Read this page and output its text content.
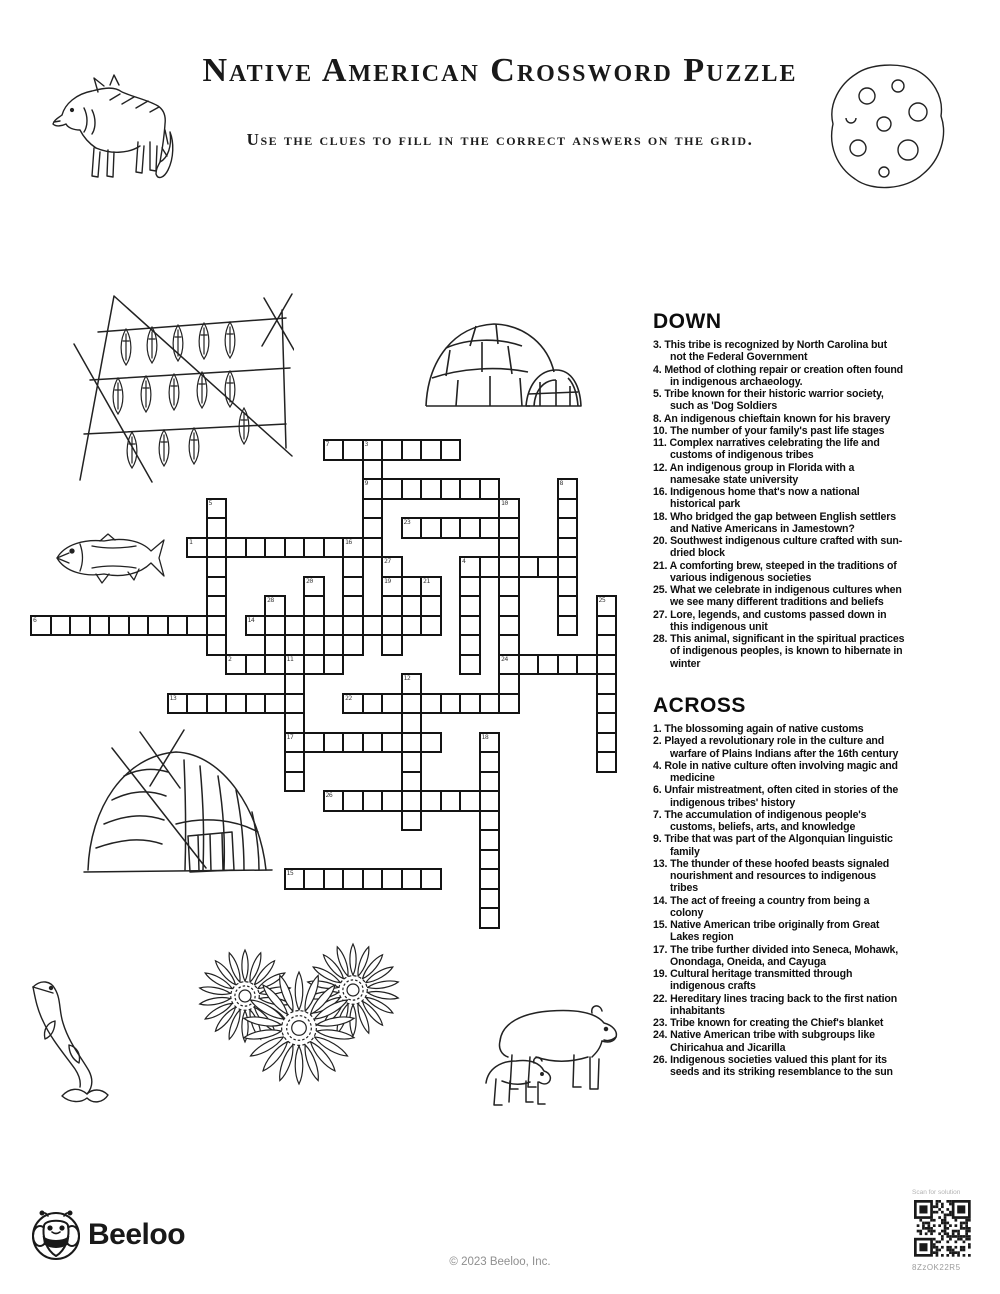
Native American Crossword Puzzle
Use the clues to fill in the correct answers on the grid.
7	3
9	8
5	10
24
23
1	16
4
27
19	21
20
28	25
6	14
2	11
17
12
13	22
18
26
15
DOWN
3. This tribe is recognized by North Carolina but not the Federal Government
4. Method of clothing repair or creation often found in indigenous archaeology.
5. Tribe known for their historic warrior society, such as 'Dog Soldiers
8. An indigenous chieftain known for his bravery
10. The number of your family's past life stages
11. Complex narratives celebrating the life and customs of indigenous tribes
12. An indigenous group in Florida with a namesake state university
16. Indigenous home that's now a national historical park
18. Who bridged the gap between English settlers and Native Americans in Jamestown?
20. Southwest indigenous culture crafted with sun-dried block
21. A comforting brew, steeped in the traditions of various indigenous societies
25. What we celebrate in indigenous cultures when we see many different traditions and beliefs
27. Lore, legends, and customs passed down in this indigenous unit
28. This animal, significant in the spiritual practices of indigenous peoples, is known to hibernate in winter
ACROSS
1. The blossoming again of native customs
2. Played a revolutionary role in the culture and warfare of Plains Indians after the 16th century
4. Role in native culture often involving magic and medicine
6. Unfair mistreatment, often cited in stories of the indigenous tribes' history
7. The accumulation of indigenous people's customs, beliefs, arts, and knowledge
9. Tribe that was part of the Algonquian linguistic family
13. The thunder of these hoofed beasts signaled nourishment and resources to indigenous tribes
14. The act of freeing a country from being a colony
15. Native American tribe originally from Great Lakes region
17. The tribe further divided into Seneca, Mohawk, Onondaga, Oneida, and Cayuga
19. Cultural heritage transmitted through indigenous crafts
22. Hereditary lines tracing back to the first nation inhabitants
23. Tribe known for creating the Chief's blanket
24. Native American tribe with subgroups like Chiricahua and Jicarilla
26. Indigenous societies valued this plant for its seeds and its striking resemblance to the sun
Beeloo
© 2023 Beeloo, Inc.
Scan for solution
8ZzOK22R5
